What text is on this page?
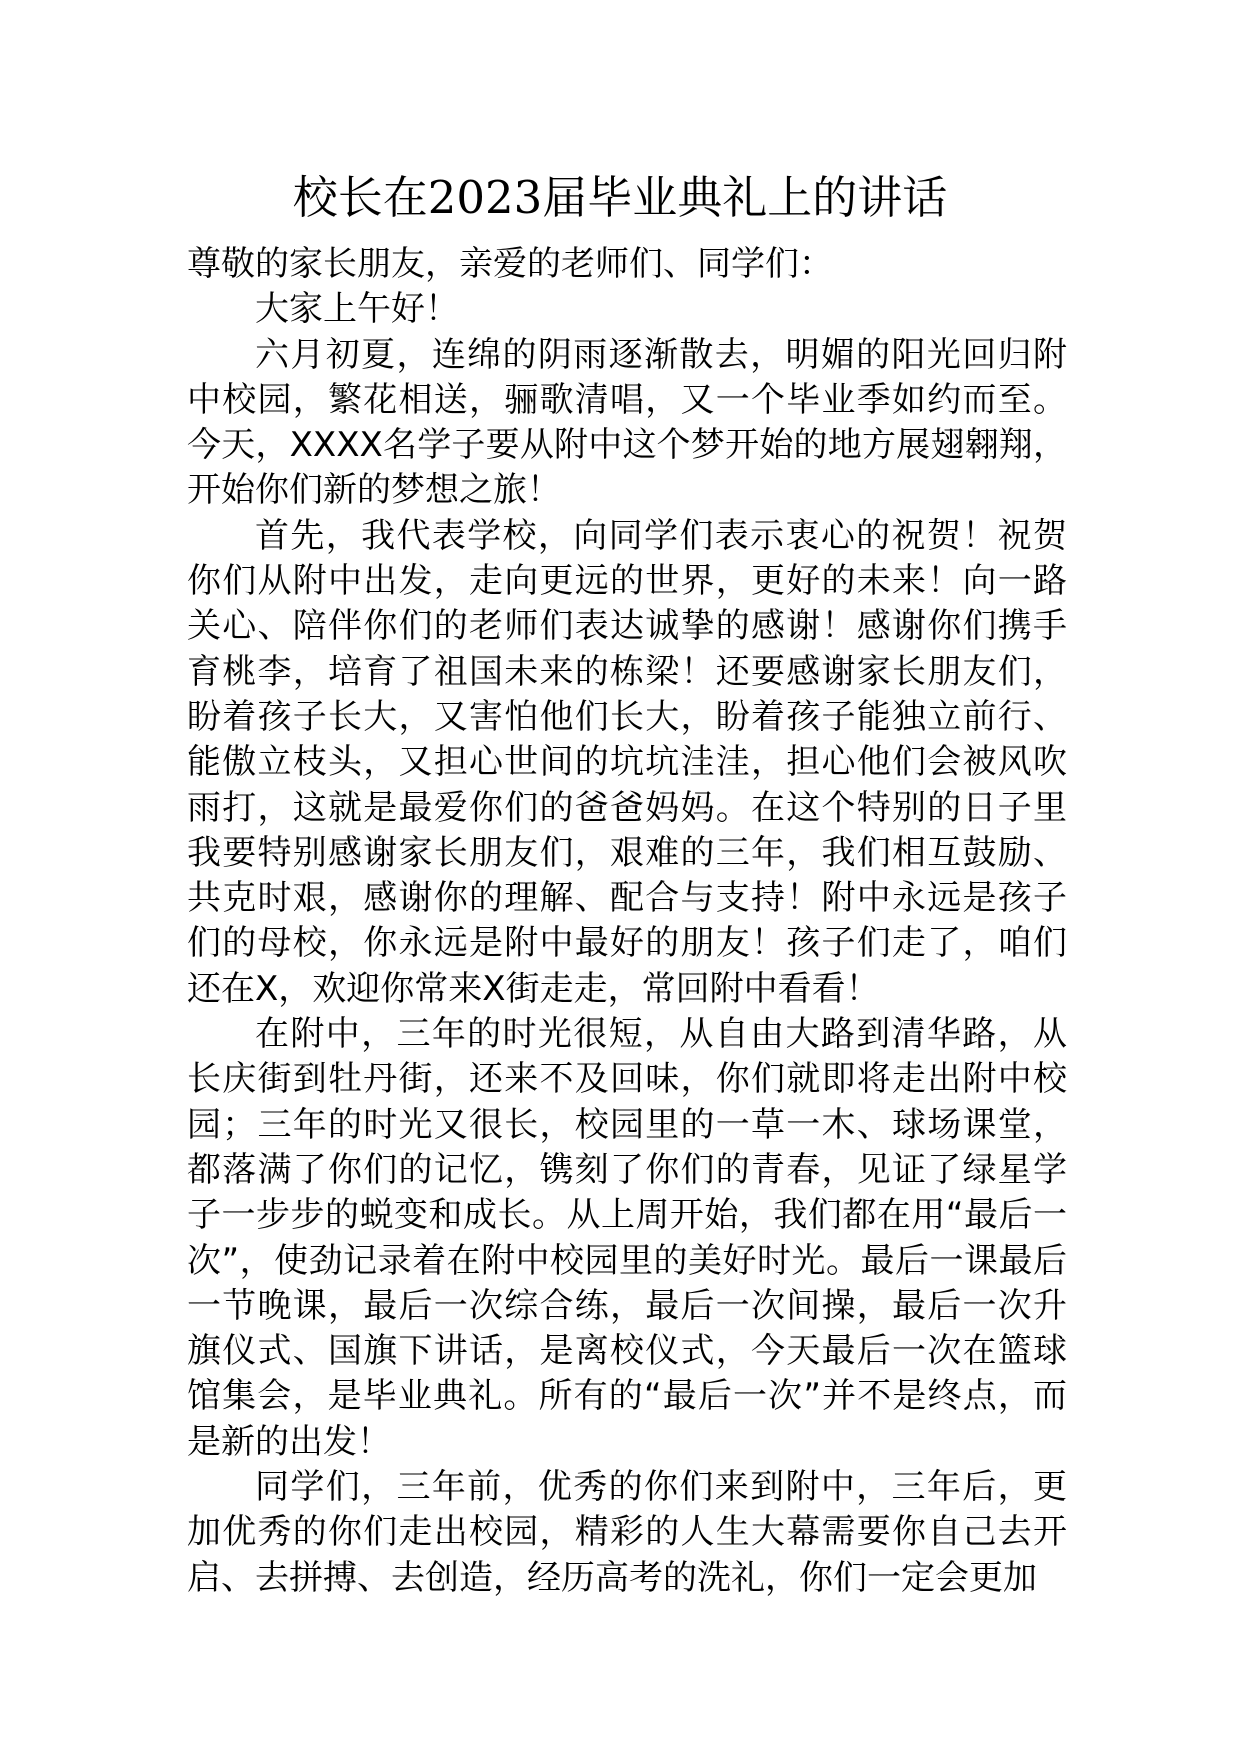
校长在2023届毕业典礼上的讲话

尊敬的家长朋友，亲爱的老师们、同学们：

大家上午好！

六月初夏，连绵的阴雨逐渐散去，明媚的阳光回归附中校园，繁花相送，骊歌清唱，又一个毕业季如约而至。今天，XXXX名学子要从附中这个梦开始的地方展翅翱翔，开始你们新的梦想之旅！

首先，我代表学校，向同学们表示衷心的祝贺！祝贺你们从附中出发，走向更远的世界，更好的未来！向一路关心、陪伴你们的老师们表达诚挚的感谢！感谢你们携手育桃李，培育了祖国未来的栋梁！还要感谢家长朋友们，盼着孩子长大，又害怕他们长大，盼着孩子能独立前行、能傲立枝头，又担心世间的坑坑洼洼，担心他们会被风吹雨打，这就是最爱你们的爸爸妈妈。在这个特别的日子里我要特别感谢家长朋友们，艰难的三年，我们相互鼓励、共克时艰，感谢你的理解、配合与支持！附中永远是孩子们的母校，你永远是附中最好的朋友！孩子们走了，咱们还在X，欢迎你常来X街走走，常回附中看看！

在附中，三年的时光很短，从自由大路到清华路，从长庆街到牡丹街，还来不及回味，你们就即将走出附中校园；三年的时光又很长，校园里的一草一木、球场课堂，都落满了你们的记忆，镌刻了你们的青春，见证了绿星学子一步步的蜕变和成长。从上周开始，我们都在用“最后一次”，使劲记录着在附中校园里的美好时光。最后一课最后一节晚课，最后一次综合练，最后一次间操，最后一次升旗仪式、国旗下讲话，是离校仪式，今天最后一次在篮球馆集会，是毕业典礼。所有的“最后一次”并不是终点，而是新的出发！

同学们，三年前，优秀的你们来到附中，三年后，更加优秀的你们走出校园，精彩的人生大幕需要你自己去开启、去拼搏、去创造，经历高考的洗礼，你们一定会更加
